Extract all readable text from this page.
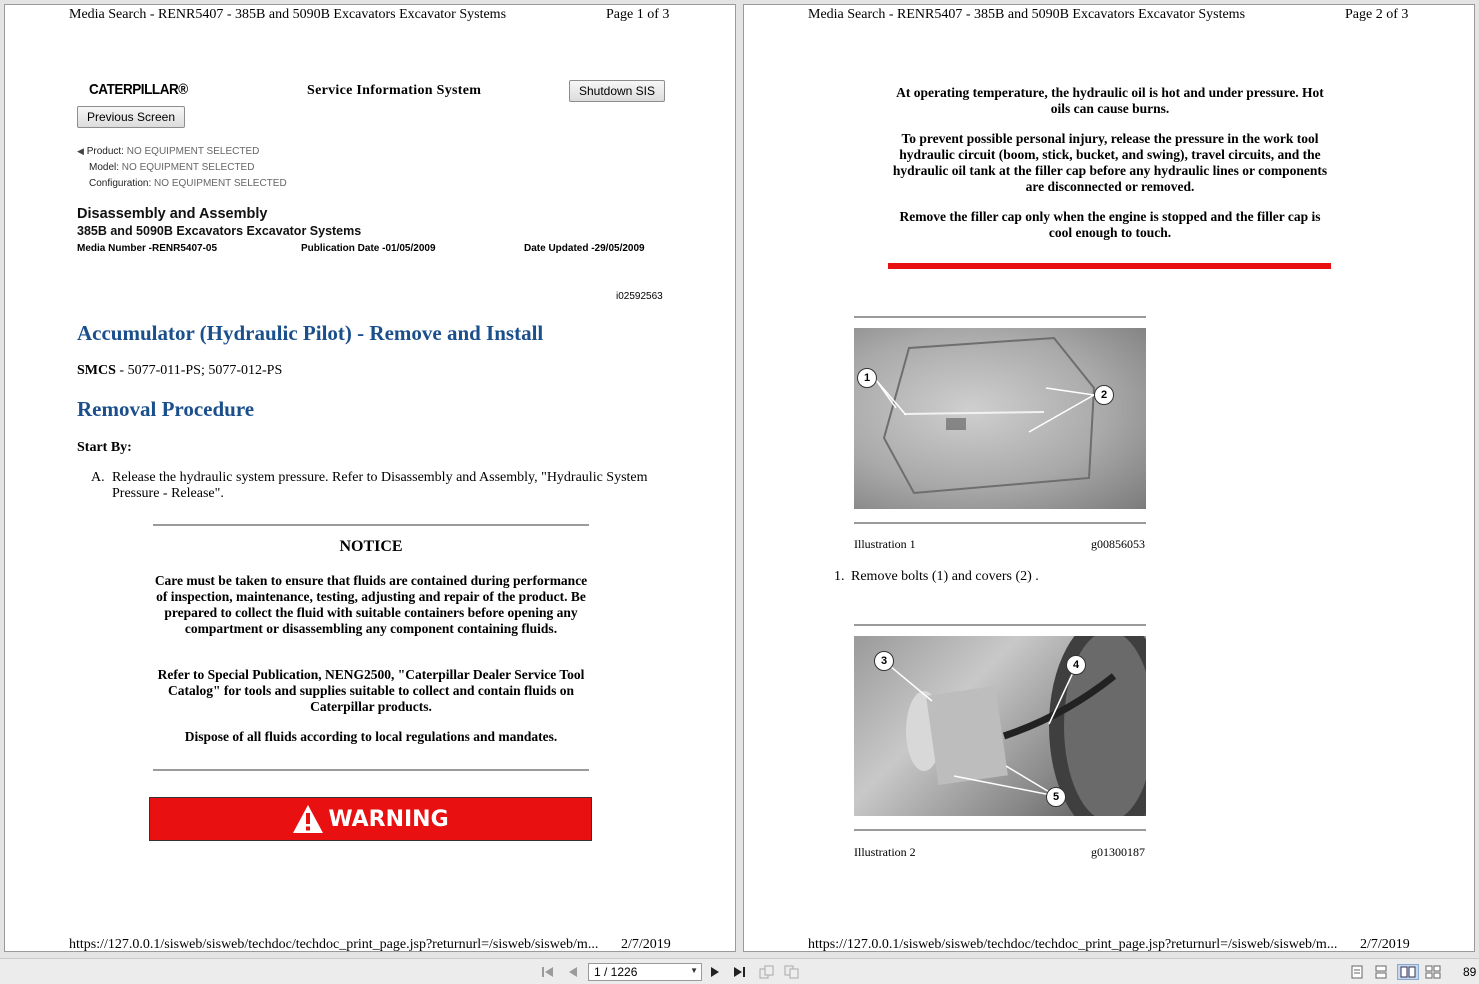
Media Search - RENR5407 - 385B and 5090B Excavators Excavator Systems	Page 1 of 3
CATERPILLAR®	Service Information System	Shutdown SIS
Previous Screen
◀ Product: NO EQUIPMENT SELECTED
Model: NO EQUIPMENT SELECTED
Configuration: NO EQUIPMENT SELECTED
Disassembly and Assembly
385B and 5090B Excavators Excavator Systems
Media Number -RENR5407-05	Publication Date -01/05/2009	Date Updated -29/05/2009
i02592563
Accumulator (Hydraulic Pilot) - Remove and Install
SMCS - 5077-011-PS; 5077-012-PS
Removal Procedure
Start By:
A. Release the hydraulic system pressure. Refer to Disassembly and Assembly, "Hydraulic System Pressure - Release".
NOTICE
Care must be taken to ensure that fluids are contained during performance of inspection, maintenance, testing, adjusting and repair of the product. Be prepared to collect the fluid with suitable containers before opening any compartment or disassembling any component containing fluids.
Refer to Special Publication, NENG2500, "Caterpillar Dealer Service Tool Catalog" for tools and supplies suitable to collect and contain fluids on Caterpillar products.
Dispose of all fluids according to local regulations and mandates.
WARNING
https://127.0.0.1/sisweb/sisweb/techdoc/techdoc_print_page.jsp?returnurl=/sisweb/sisweb/m... 2/7/2019
Media Search - RENR5407 - 385B and 5090B Excavators Excavator Systems	Page 2 of 3
At operating temperature, the hydraulic oil is hot and under pressure. Hot oils can cause burns.
To prevent possible personal injury, release the pressure in the work tool hydraulic circuit (boom, stick, bucket, and swing), travel circuits, and the hydraulic oil tank at the filler cap before any hydraulic lines or components are disconnected or removed.
Remove the filler cap only when the engine is stopped and the filler cap is cool enough to touch.
1
2
Illustration 1	g00856053
1. Remove bolts (1) and covers (2) .
3	4
5
Illustration 2	g01300187
https://127.0.0.1/sisweb/sisweb/techdoc/techdoc_print_page.jsp?returnurl=/sisweb/sisweb/m... 2/7/2019
1 / 1226	▼	89
